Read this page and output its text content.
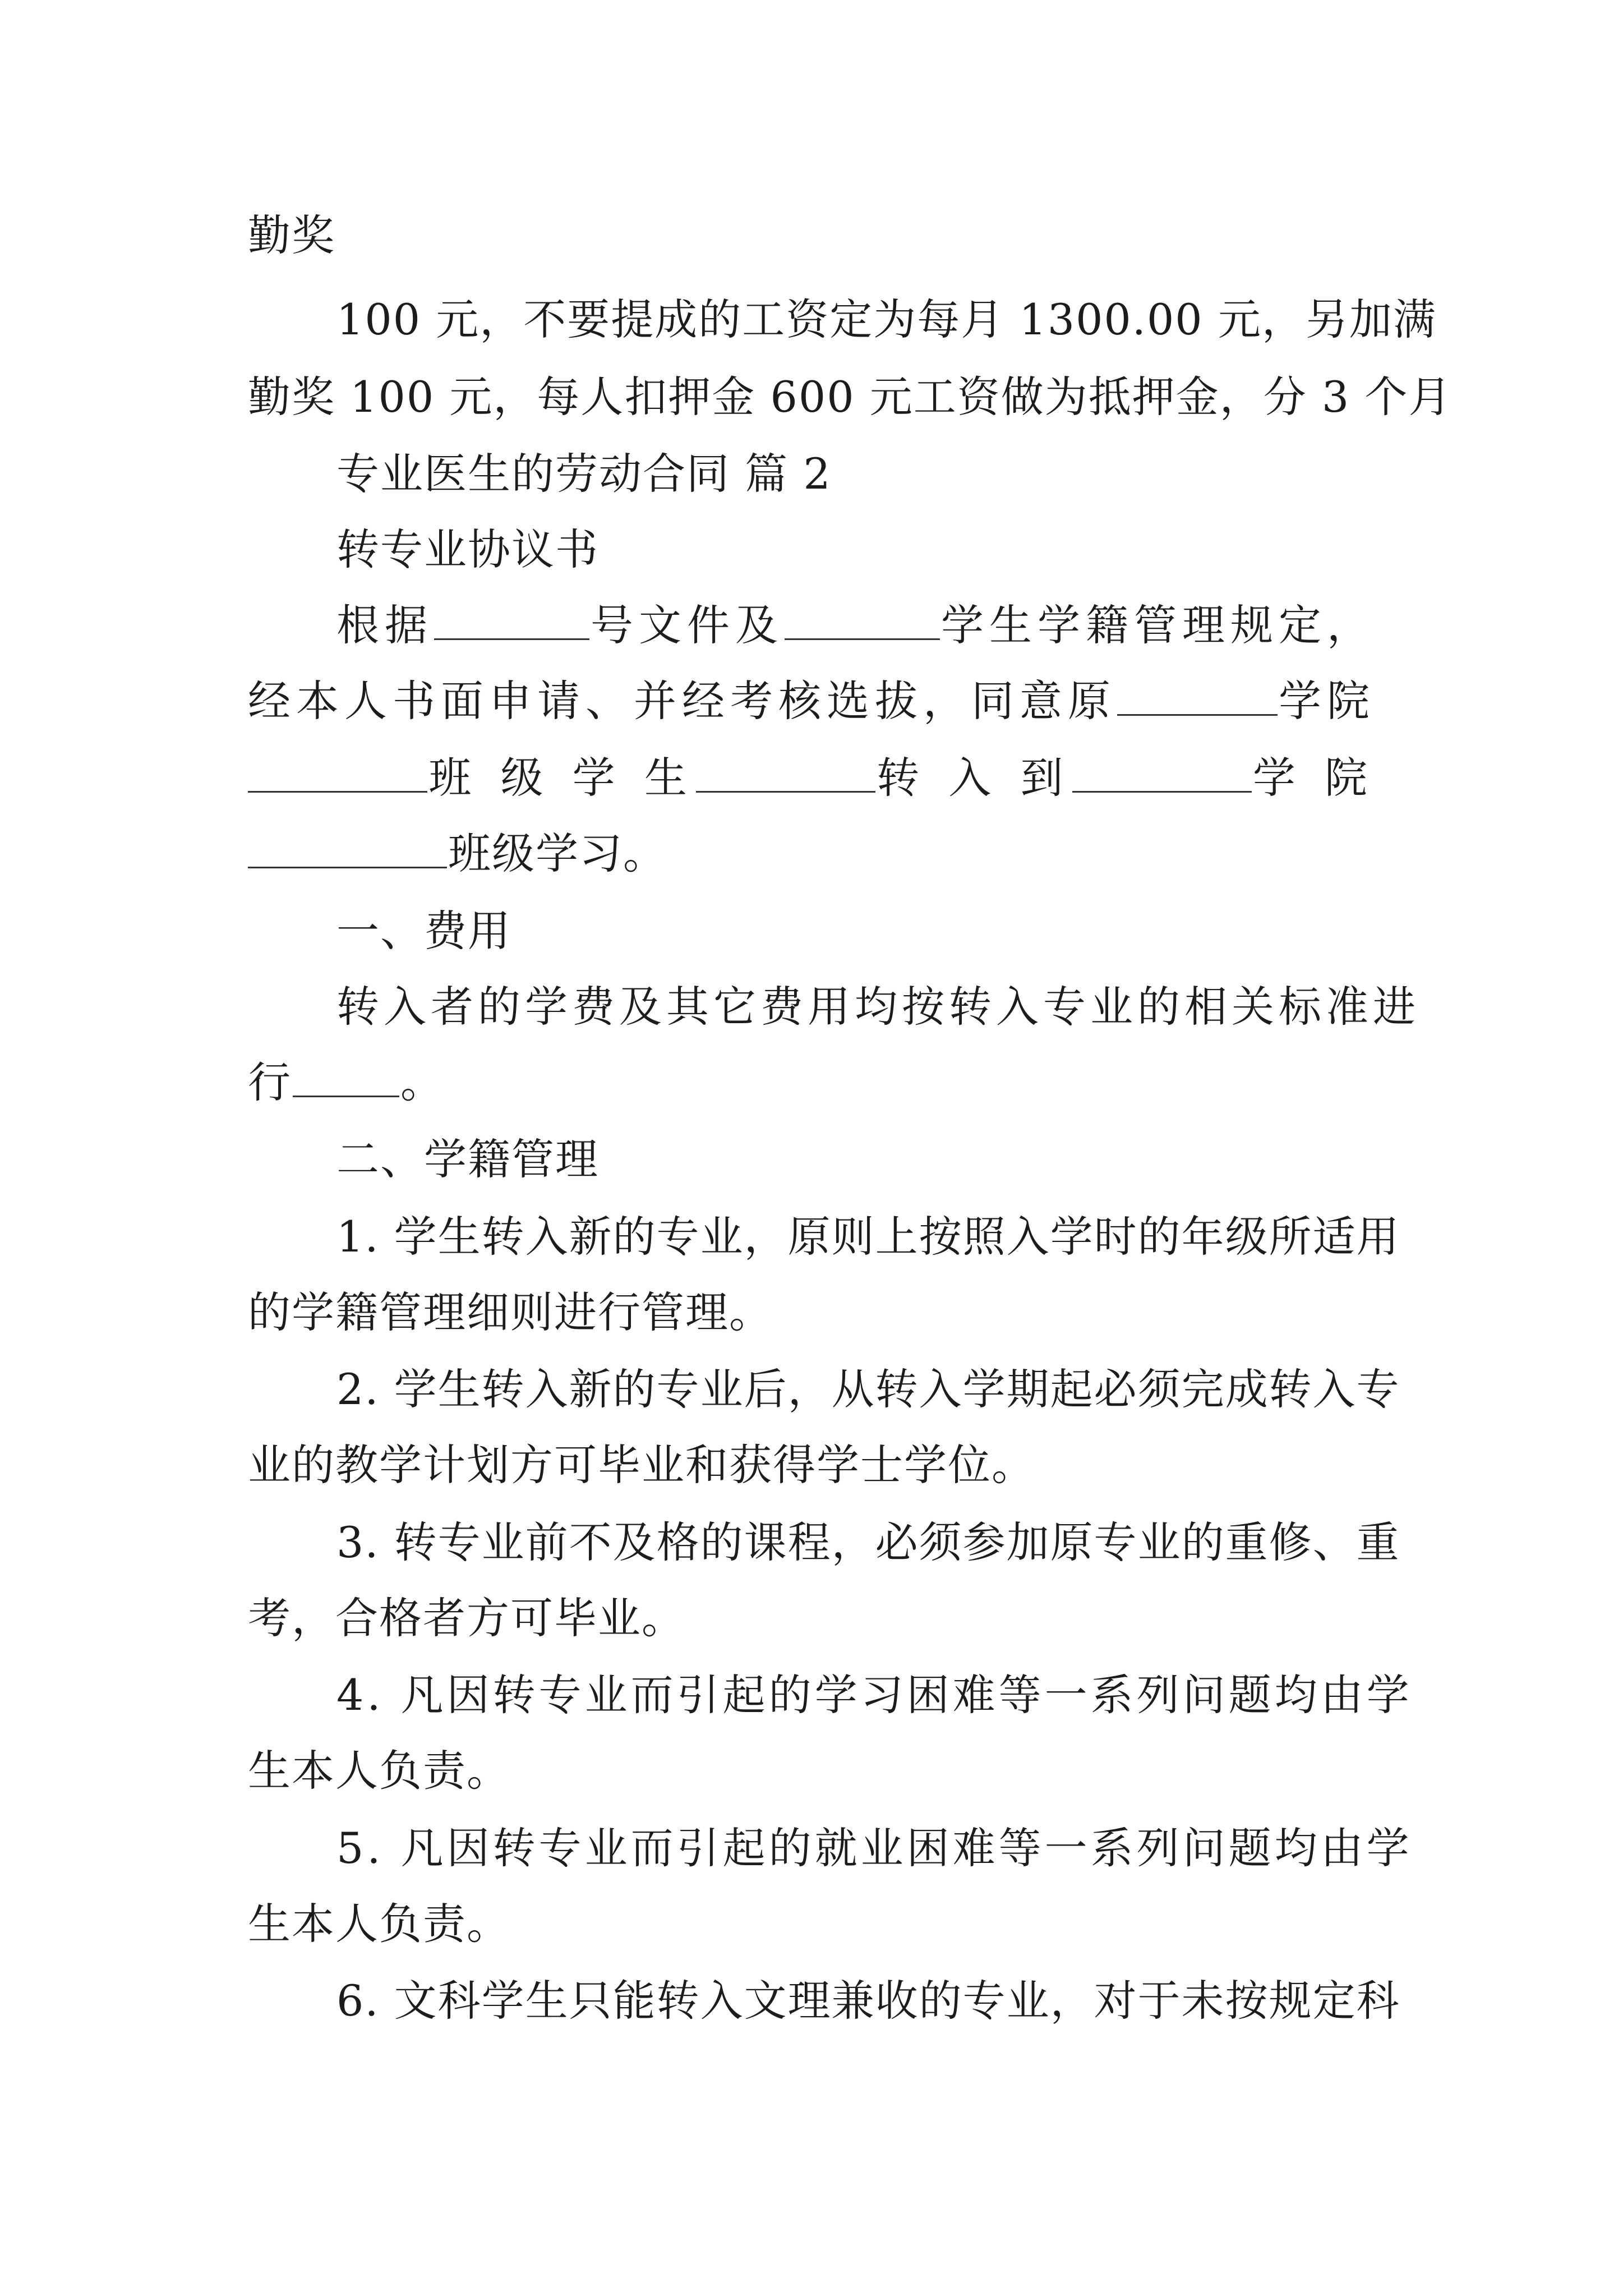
勤奖
100 元，不要提成的工资定为每月 1300.00 元，另加满
勤奖 100 元，每人扣押金 600 元工资做为抵押金，分 3 个月
专业医生的劳动合同 篇 2
转专业协议书
根据	号文件及	学生学籍管理规定，
经本人书面申请、并经考核选拔，同意原	学院
班 级 学 生	转 入 到	学 院
班级学习。
一、费用
转入者的学费及其它费用均按转入专业的相关标准进
行	。
二、学籍管理
1. 学生转入新的专业，原则上按照入学时的年级所适用
的学籍管理细则进行管理。
2. 学生转入新的专业后，从转入学期起必须完成转入专
业的教学计划方可毕业和获得学士学位。
3. 转专业前不及格的课程，必须参加原专业的重修、重
考，合格者方可毕业。
4. 凡因转专业而引起的学习困难等一系列问题均由学
生本人负责。
5. 凡因转专业而引起的就业困难等一系列问题均由学
生本人负责。
6. 文科学生只能转入文理兼收的专业，对于未按规定科
